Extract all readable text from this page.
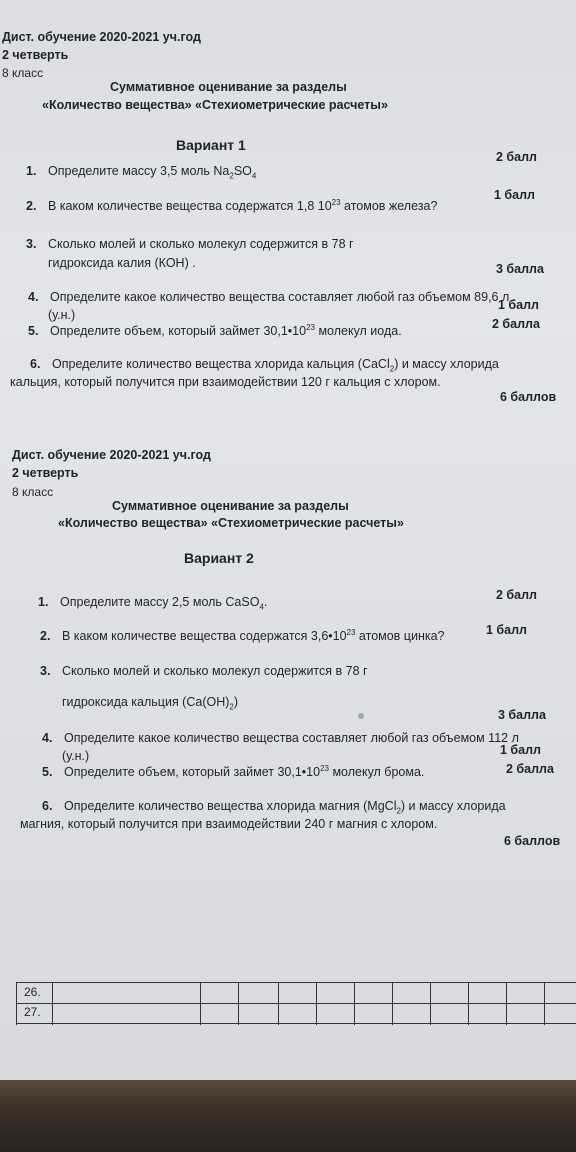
Дист. обучение 2020-2021 уч.год
2 четверть
8 класс
Суммативное оценивание за разделы
«Количество вещества» «Стехиометрические расчеты»
Вариант 1
1. Определите массу 3,5 моль $Na_2SO_4$
2 балл
2. В каком количестве вещества содержатся 1,8 $10^{23}$ атомов железа?
1 балл
3. Сколько молей и сколько молекул содержится в 78 г
гидроксида калия (КОН) .	3 балла
4. Определите какое количество вещества составляет любой газ объемом 89,6 л
(у.н.)
1 балл
5. Определите объем, который займет $30,1•10^{23}$ молекул иода.	2 балла
6. Определите количество вещества хлорида кальция (CaCl$_2$) и массу хлорида
кальция, который получится при взаимодействии 120 г кальция с хлором.
6 баллов
Дист. обучение 2020-2021 уч.год
2 четверть
8 класс
Суммативное оценивание за разделы
«Количество вещества» «Стехиометрические расчеты»
Вариант 2
1. Определите массу 2,5 моль CaSO$_4$.	2 балл
2. В каком количестве вещества содержатся $3,6•10^{23}$ атомов цинка?	1 балл
3. Сколько молей и сколько молекул содержится в 78 г
гидроксида кальция $(Ca(OH)_2)$
3 балла
4. Определите какое количество вещества составляет любой газ объемом 112 л
(у.н.)	1 балл
5. Определите объем, который займет $30,1•10^{23}$ молекул брома.	2 балла
6. Определите количество вещества хлорида магния (MgCl$_2$) и массу хлорида
магния, который получится при взаимодействии 240 г магния с хлором.
6 баллов
26.
27.
